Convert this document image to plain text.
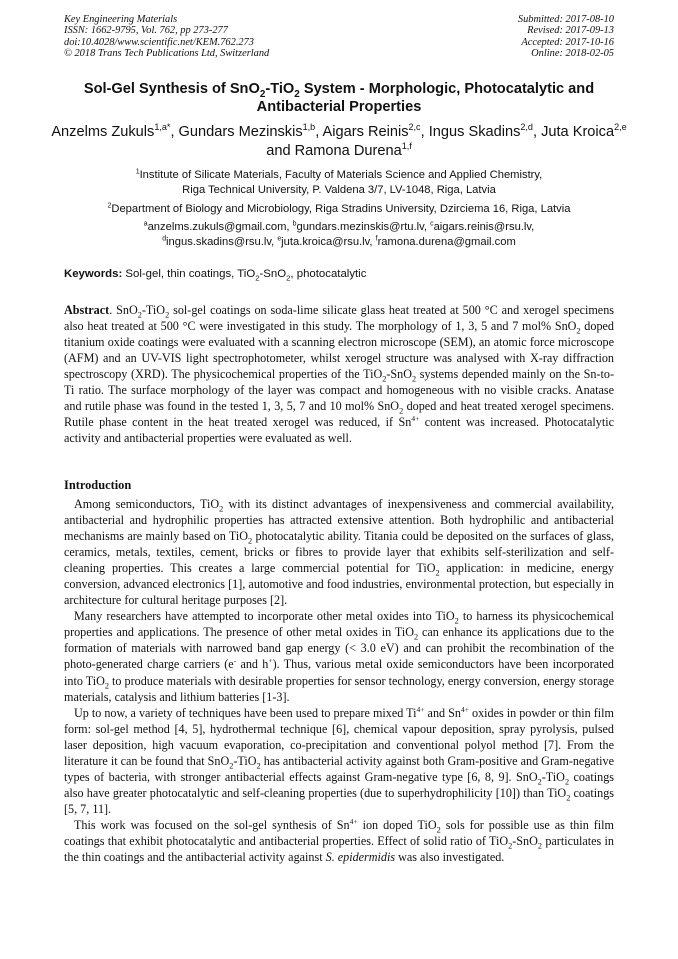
Key Engineering Materials
ISSN: 1662-9795, Vol. 762, pp 273-277
doi:10.4028/www.scientific.net/KEM.762.273
© 2018 Trans Tech Publications Ltd, Switzerland
Submitted: 2017-08-10
Revised: 2017-09-13
Accepted: 2017-10-16
Online: 2018-02-05
Sol-Gel Synthesis of SnO$_2$-TiO$_2$ System - Morphologic, Photocatalytic and Antibacterial Properties
Anzelms Zukuls$^{1,a*}$, Gundars Mezinskis$^{1,b}$, Aigars Reinis$^{2,c}$, Ingus Skadins$^{2,d}$, Juta Kroica$^{2,e}$ and Ramona Durena$^{1,f}$
$^1$Institute of Silicate Materials, Faculty of Materials Science and Applied Chemistry,
Riga Technical University, P. Valdena 3/7, LV-1048, Riga, Latvia
$^2$Department of Biology and Microbiology, Riga Stradins University, Dzirciema 16, Riga, Latvia
$^a$anzelms.zukuls@gmail.com, $^b$gundars.mezinskis@rtu.lv, $^c$aigars.reinis@rsu.lv,
$^d$ingus.skadins@rsu.lv, $^e$juta.kroica@rsu.lv, $^f$ramona.durena@gmail.com
Keywords: Sol-gel, thin coatings, TiO$_2$-SnO$_2$, photocatalytic
Abstract. SnO$_2$-TiO$_2$ sol-gel coatings on soda-lime silicate glass heat treated at 500 °C and xerogel specimens also heat treated at 500 °C were investigated in this study. The morphology of 1, 3, 5 and 7 mol% SnO$_2$ doped titanium oxide coatings were evaluated with a scanning electron microscope (SEM), an atomic force microscope (AFM) and an UV-VIS light spectrophotometer, whilst xerogel structure was analysed with X-ray diffraction spectroscopy (XRD). The physicochemical properties of the TiO$_2$-SnO$_2$ systems depended mainly on the Sn-to-Ti ratio. The surface morphology of the layer was compact and homogeneous with no visible cracks. Anatase and rutile phase was found in the tested 1, 3, 5, 7 and 10 mol% SnO$_2$ doped and heat treated xerogel specimens. Rutile phase content in the heat treated xerogel was reduced, if $Sn^{4+}$ content was increased. Photocatalytic activity and antibacterial properties were evaluated as well.
Introduction

Among semiconductors, TiO$_2$ with its distinct advantages of inexpensiveness and commercial availability, antibacterial and hydrophilic properties has attracted extensive attention. Both hydrophilic and antibacterial mechanisms are mainly based on TiO$_2$ photocatalytic ability. Titania could be deposited on the surfaces of glass, ceramics, metals, textiles, cement, bricks or fibres to provide layer that exhibits self-sterilization and self-cleaning properties. This creates a large commercial potential for TiO$_2$ application: in medicine, energy conversion, advanced electronics [1], automotive and food industries, environmental protection, but especially in architecture for cultural heritage purposes [2].

Many researchers have attempted to incorporate other metal oxides into TiO$_2$ to harness its physicochemical properties and applications. The presence of other metal oxides in TiO$_2$ can enhance its applications due to the formation of materials with narrowed band gap energy (< 3.0 eV) and can prohibit the recombination of the photo-generated charge carriers (e- and h+). Thus, various metal oxide semiconductors have been incorporated into TiO$_2$ to produce materials with desirable properties for sensor technology, energy conversion, energy storage materials, catalysis and lithium batteries [1-3].

Up to now, a variety of techniques have been used to prepare mixed $Ti^{4+}$ and $Sn^{4+}$ oxides in powder or thin film form: sol-gel method [4, 5], hydrothermal technique [6], chemical vapour deposition, spray pyrolysis, pulsed laser deposition, high vacuum evaporation, co-precipitation and conventional polyol method [7]. From the literature it can be found that SnO$_2$-TiO$_2$ has antibacterial activity against both Gram-positive and Gram-negative types of bacteria, with stronger antibacterial effects against Gram-negative type [6, 8, 9]. SnO$_2$-TiO$_2$ coatings also have greater photocatalytic and self-cleaning properties (due to superhydrophilicity [10]) than TiO$_2$ coatings [5, 7, 11].

This work was focused on the sol-gel synthesis of $Sn^{4+}$ ion doped TiO$_2$ sols for possible use as thin film coatings that exhibit photocatalytic and antibacterial properties. Effect of solid ratio of TiO$_2$-SnO$_2$ particulates in the thin coatings and the antibacterial activity against S. epidermidis was also investigated.
